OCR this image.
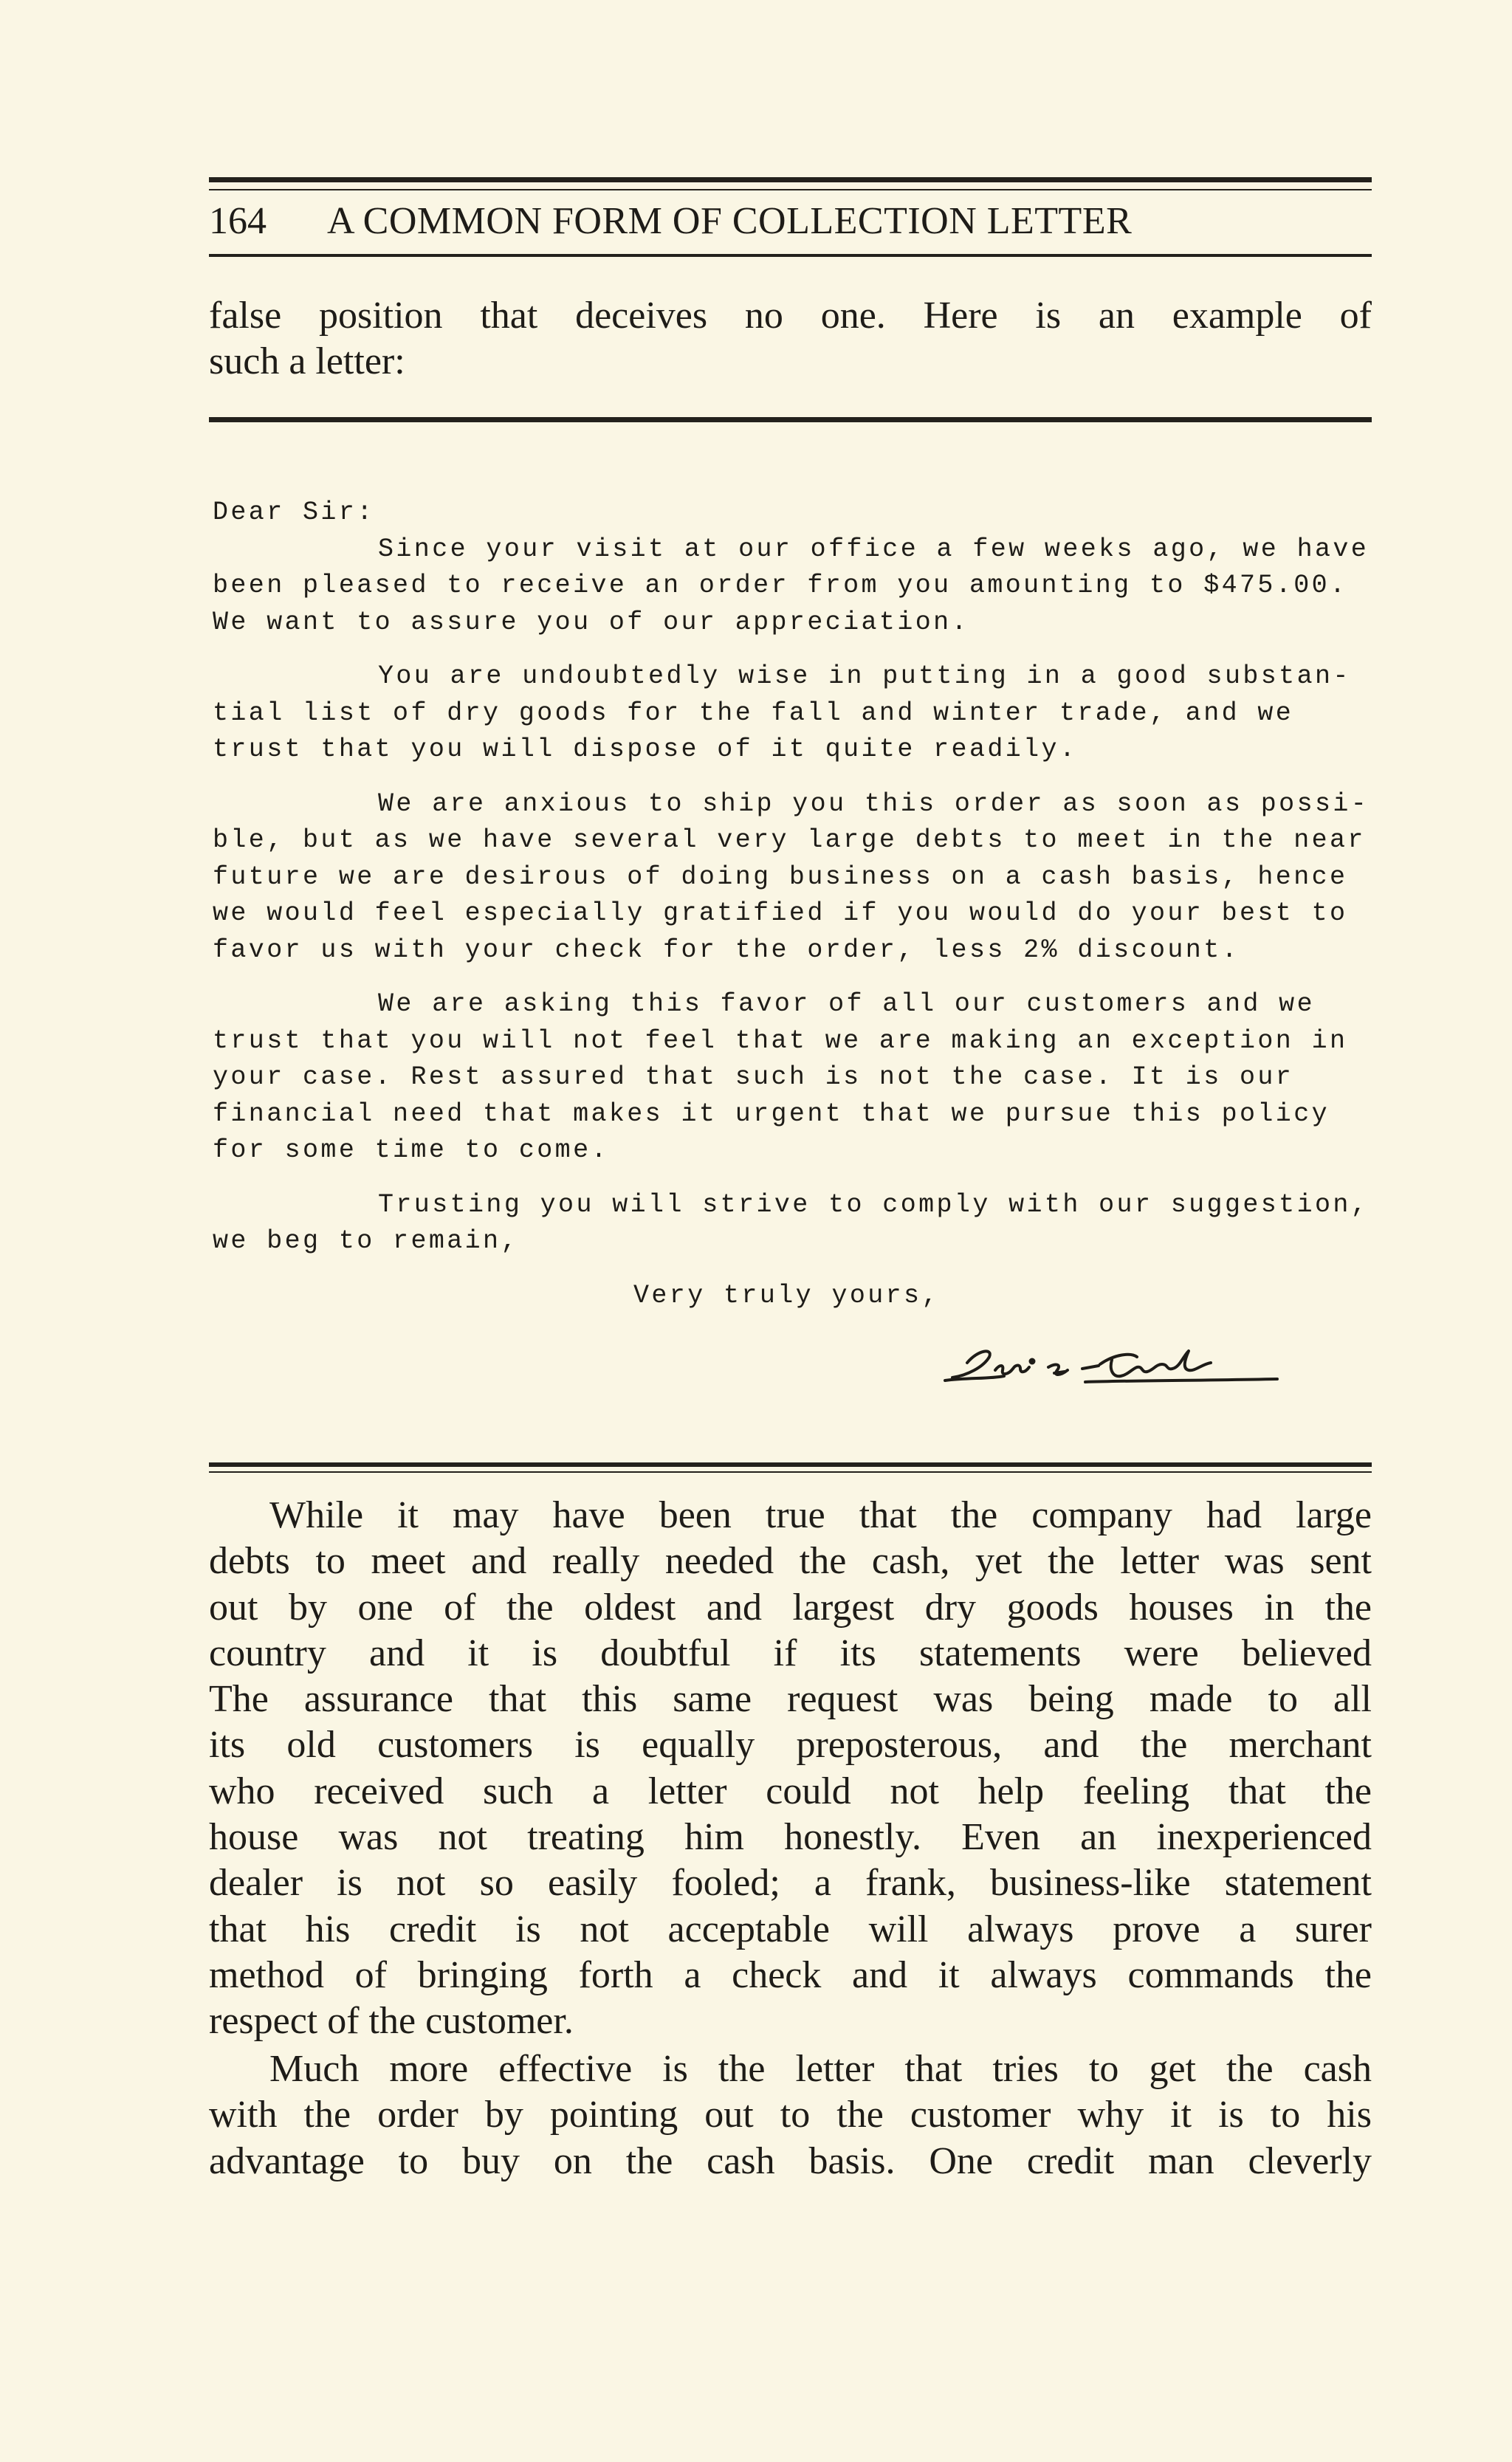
164 A COMMON FORM OF COLLECTION LETTER
false position that deceives no one. Here is an example of
such a letter:
Dear Sir:
Since your visit at our office a few weeks ago, we have
been pleased to receive an order from you amounting to $475.00.
We want to assure you of our appreciation.
You are undoubtedly wise in putting in a good substan-
tial list of dry goods for the fall and winter trade, and we
trust that you will dispose of it quite readily.
We are anxious to ship you this order as soon as possi-
ble, but as we have several very large debts to meet in the near
future we are desirous of doing business on a cash basis, hence
we would feel especially gratified if you would do your best to
favor us with your check for the order, less 2% discount.
We are asking this favor of all our customers and we
trust that you will not feel that we are making an exception in
your case. Rest assured that such is not the case. It is our
financial need that makes it urgent that we pursue this policy
for some time to come.
Trusting you will strive to comply with our suggestion,
we beg to remain,
Very truly yours,
While it may have been true that the company had large
debts to meet and really needed the cash, yet the letter was sent
out by one of the oldest and largest dry goods houses in the
country and it is doubtful if its statements were believed
The assurance that this same request was being made to all
its old customers is equally preposterous, and the merchant
who received such a letter could not help feeling that the
house was not treating him honestly. Even an inexperienced
dealer is not so easily fooled; a frank, business-like statement
that his credit is not acceptable will always prove a surer
method of bringing forth a check and it always commands the
respect of the customer.
Much more effective is the letter that tries to get the cash
with the order by pointing out to the customer why it is to his
advantage to buy on the cash basis. One credit man cleverly
